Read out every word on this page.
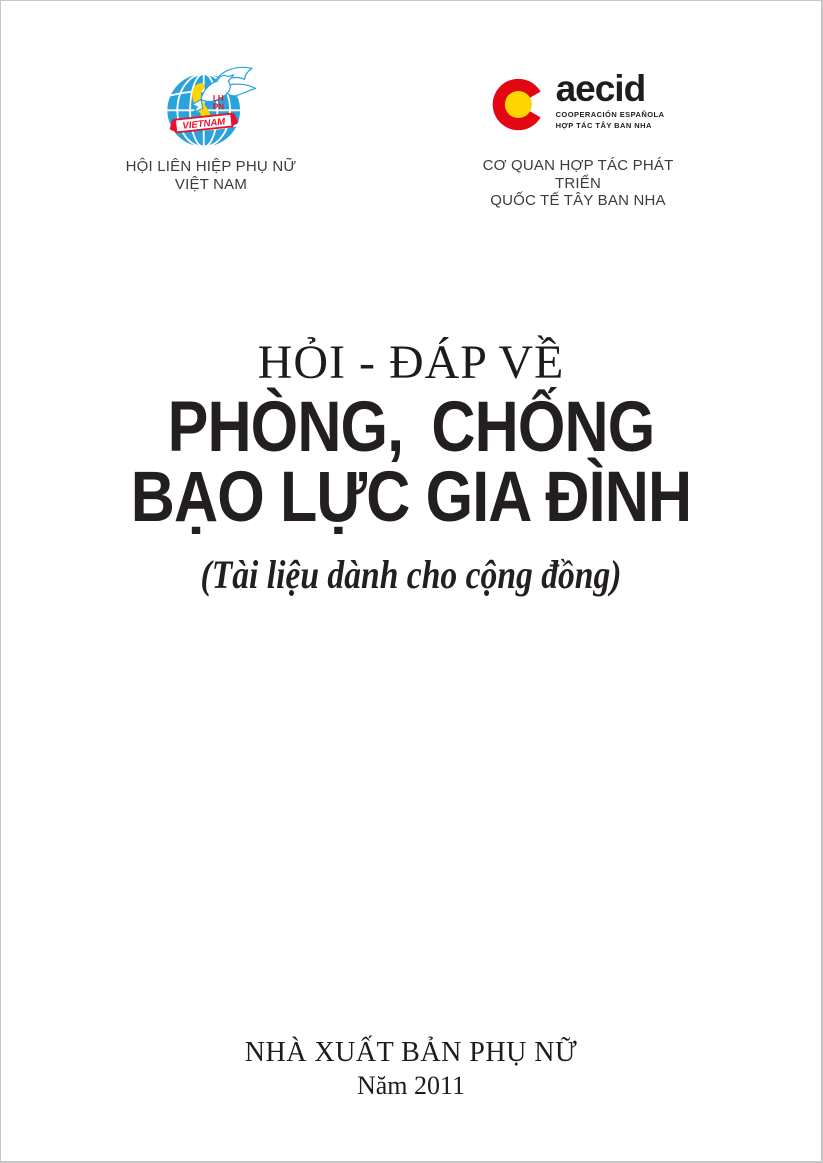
LH
PN
VIETNAM
HỘI LIÊN HIỆP PHỤ NỮ
VIỆT NAM
aecid
COOPERACIÓN ESPAÑOLA
HỢP TÁC TÂY BAN NHA
CƠ QUAN HỢP TÁC PHÁT TRIỂN
QUỐC TẾ TÂY BAN NHA
HỎI - ĐÁP VỀ
PHÒNG, CHỐNG
BẠO LỰC GIA ĐÌNH
(Tài liệu dành cho cộng đồng)
NHÀ XUẤT BẢN PHỤ NỮ
Năm 2011
